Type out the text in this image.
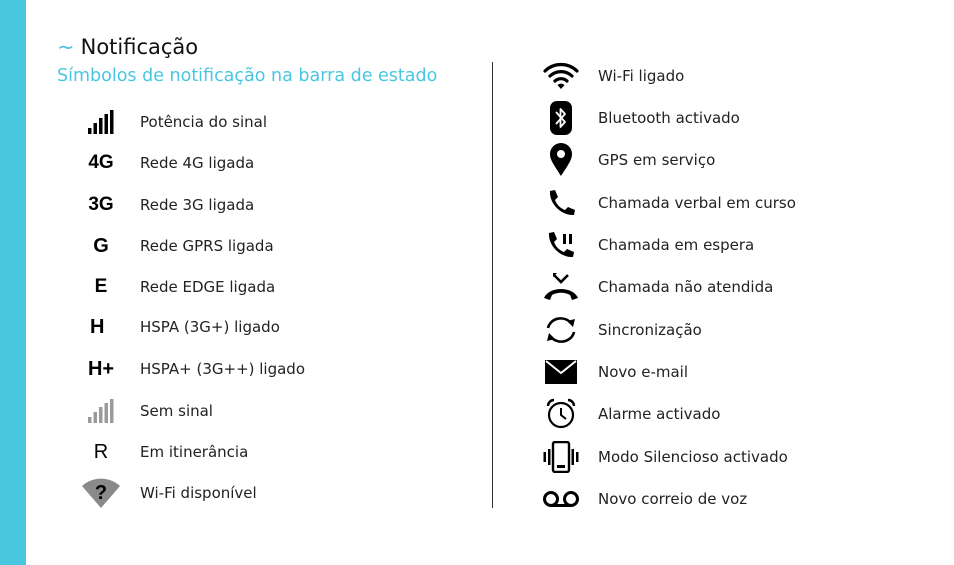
~ Notificação
Símbolos de notificação na barra de estado
Potência do sinal
4G	Rede 4G ligada
3G	Rede 3G ligada
G	Rede GPRS ligada
E	Rede EDGE ligada
H	HSPA (3G+) ligado
H+	HSPA+ (3G++) ligado
Sem sinal
R	Em itinerância
?	Wi-Fi disponível
Wi-Fi ligado
Bluetooth activado
GPS em serviço
Chamada verbal em curso
Chamada em espera
Chamada não atendida
Sincronização
Novo e-mail
Alarme activado
Modo Silencioso activado
Novo correio de voz
